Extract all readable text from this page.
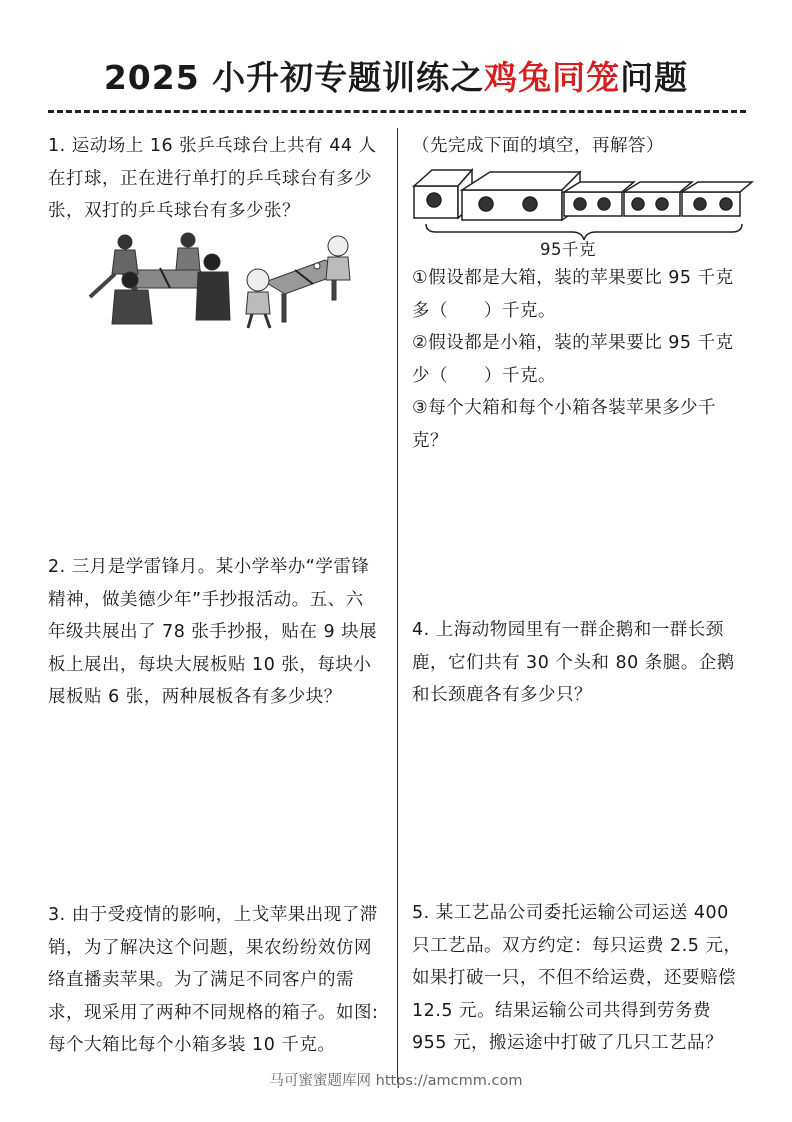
2025 小升初专题训练之鸡兔同笼问题

1. 运动场上 16 张乒乓球台上共有 44 人在打球，正在进行单打的乒乓球台有多少张，双打的乒乓球台有多少张？

（先完成下面的填空，再解答）

95千克

①假设都是大箱，装的苹果要比 95 千克多（ ）千克。

②假设都是小箱，装的苹果要比 95 千克少（ ）千克。

③每个大箱和每个小箱各装苹果多少千克？

2. 三月是学雷锋月。某小学举办“学雷锋精神，做美德少年”手抄报活动。五、六年级共展出了 78 张手抄报，贴在 9 块展板上展出，每块大展板贴 10 张，每块小展板贴 6 张，两种展板各有多少块？

4. 上海动物园里有一群企鹅和一群长颈鹿，它们共有 30 个头和 80 条腿。企鹅和长颈鹿各有多少只？

3. 由于受疫情的影响，上戈苹果出现了滞销，为了解决这个问题，果农纷纷效仿网络直播卖苹果。为了满足不同客户的需求，现采用了两种不同规格的箱子。如图:每个大箱比每个小箱多装 10 千克。

5. 某工艺品公司委托运输公司运送 400 只工艺品。双方约定：每只运费 2.5 元，如果打破一只，不但不给运费，还要赔偿 12.5 元。结果运输公司共得到劳务费 955 元，搬运途中打破了几只工艺品？

马可蜜蜜题库网 https://amcmm.com
